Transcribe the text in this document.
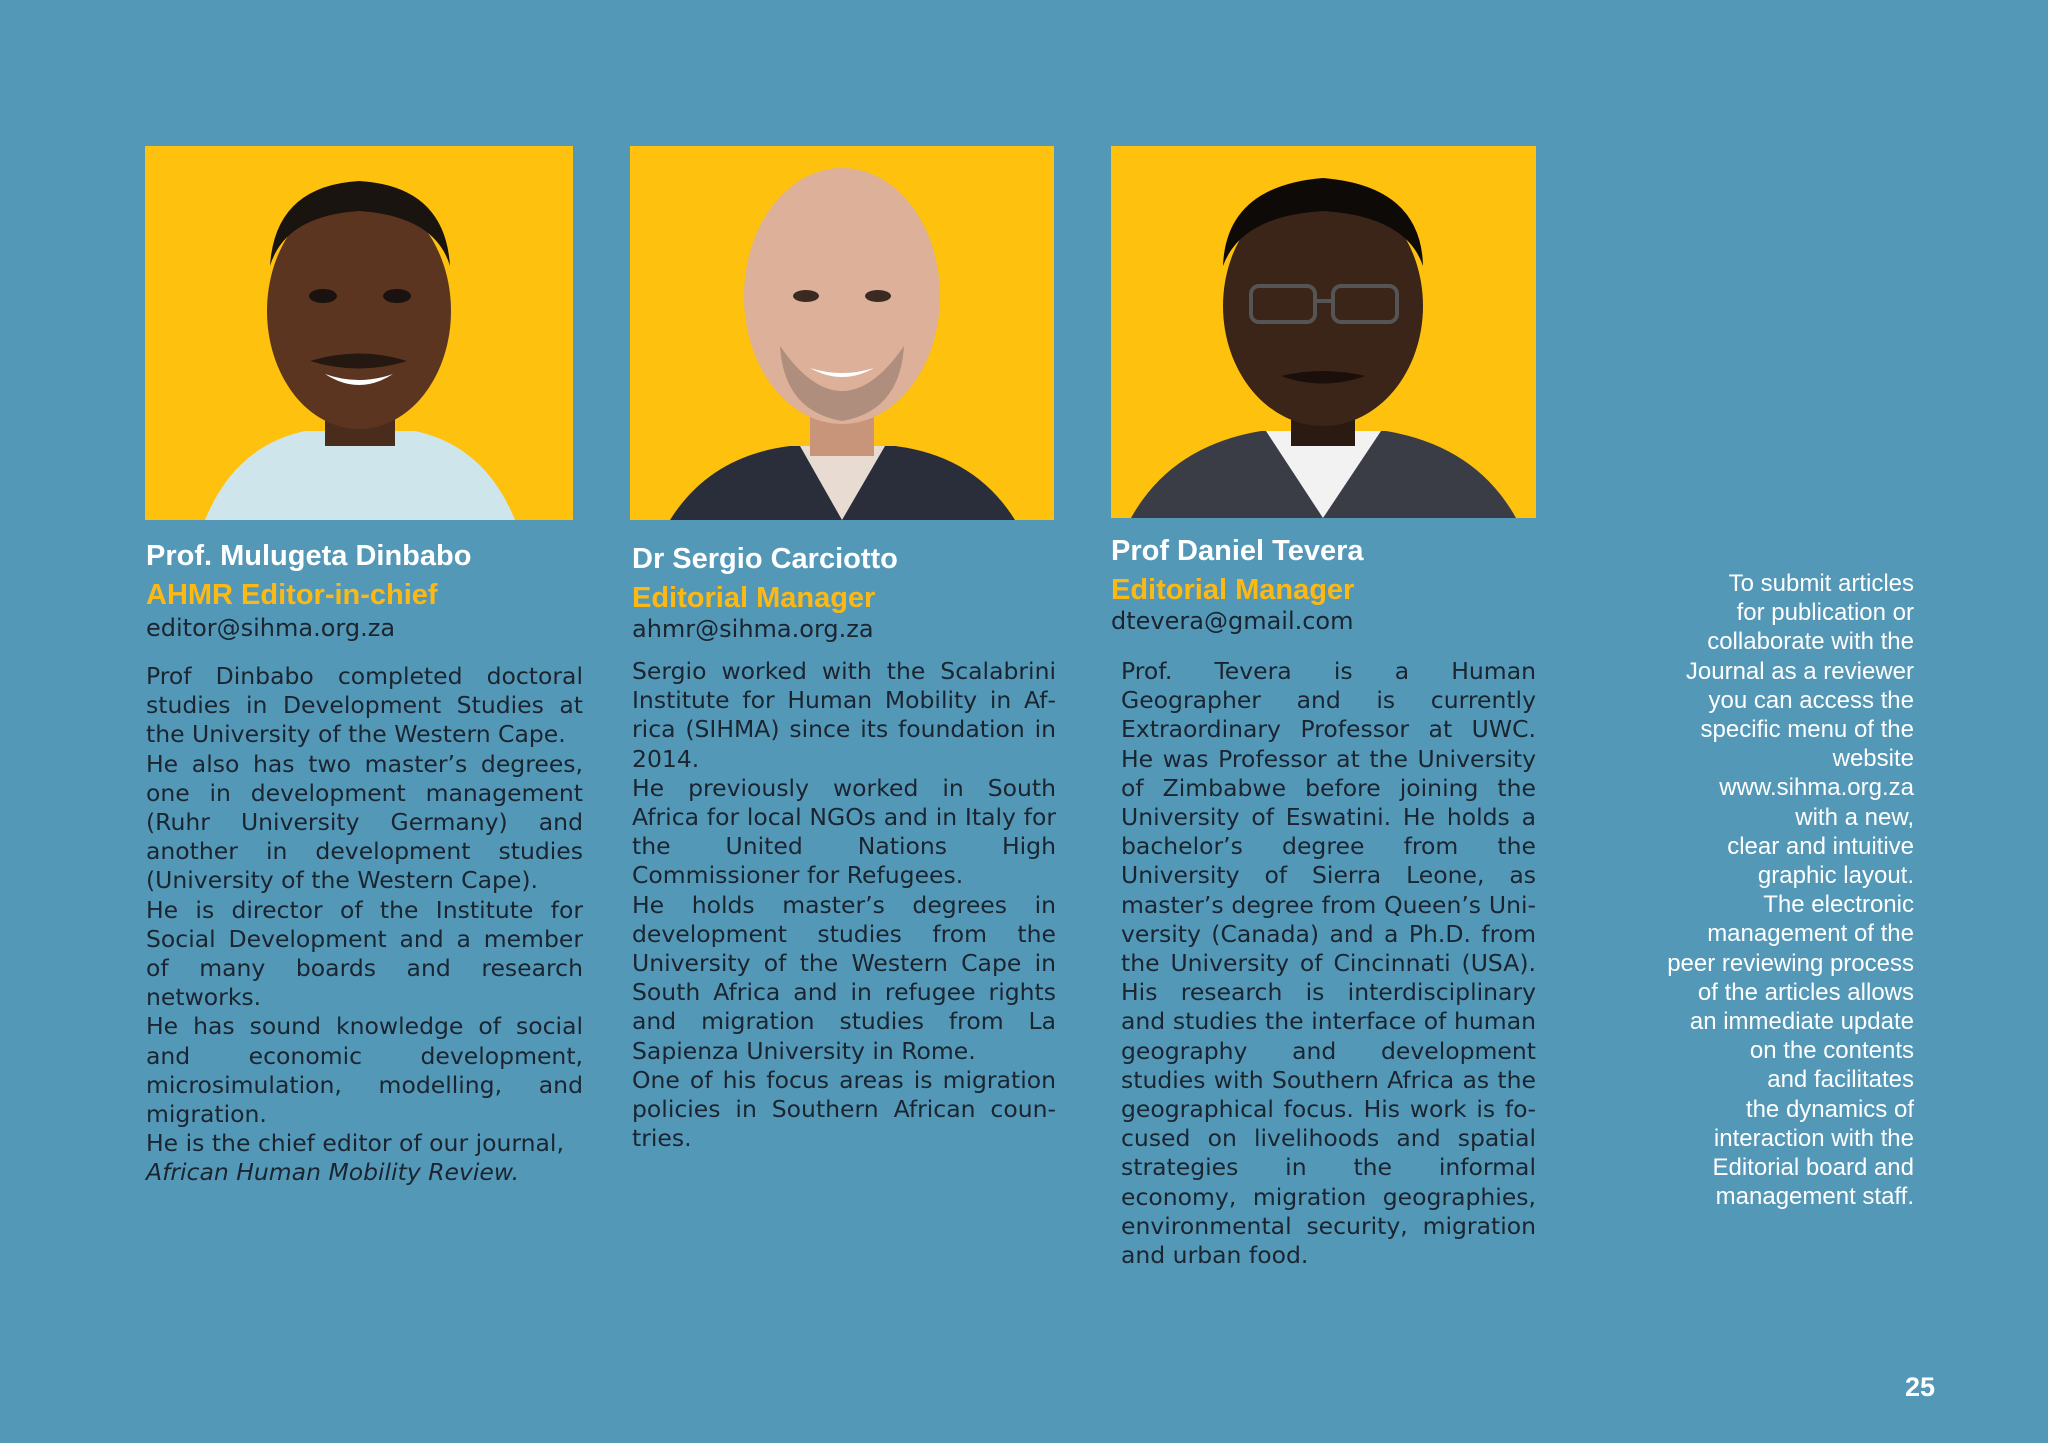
Prof. Mulugeta Dinbabo
AHMR Editor-in-chief
editor@sihma.org.za

Prof Dinbabo completed doctoral studies in Development Studies at the University of the Western Cape.

He also has two master’s degrees, one in development management (Ruhr University Germany) and another in development studies (University of the Western Cape).

He is director of the Institute for Social Development and a member of many boards and research networks.

He has sound knowledge of social and economic development, microsimulation, modelling, and migration.

He is the chief editor of our journal,
African Human Mobility Review.

Dr Sergio Carciotto
Editorial Manager
ahmr@sihma.org.za

Sergio worked with the Scalabrini Institute for Human Mobility in Africa (SIHMA) since its foundation in 2014.

He previously worked in South Africa for local NGOs and in Italy for the United Nations High Commissioner for Refugees.

He holds master’s degrees in development studies from the University of the Western Cape in South Africa and in refugee rights and migration studies from La Sapienza University in Rome.

One of his focus areas is migration policies in Southern African countries.

Prof Daniel Tevera
Editorial Manager
dtevera@gmail.com

Prof. Tevera is a Human Geographer and is currently Extraordinary Professor at UWC. He was Professor at the University of Zimbabwe before joining the University of Eswatini. He holds a bachelor’s degree from the University of Sierra Leone, as master’s degree from Queen’s University (Canada) and a Ph.D. from the University of Cincinnati (USA). His research is interdisciplinary and studies the interface of human geography and development studies with Southern Africa as the geographical focus. His work is focused on livelihoods and spatial strategies in the informal economy, migration geographies, environmental security, migration and urban food.

To submit articles
for publication or
collaborate with the
Journal as a reviewer
you can access the
specific menu of the
website
www.sihma.org.za
with a new,
clear and intuitive
graphic layout.
The electronic
management of the
peer reviewing process
of the articles allows
an immediate update
on the contents
and facilitates
the dynamics of
interaction with the
Editorial board and
management staff.
25
